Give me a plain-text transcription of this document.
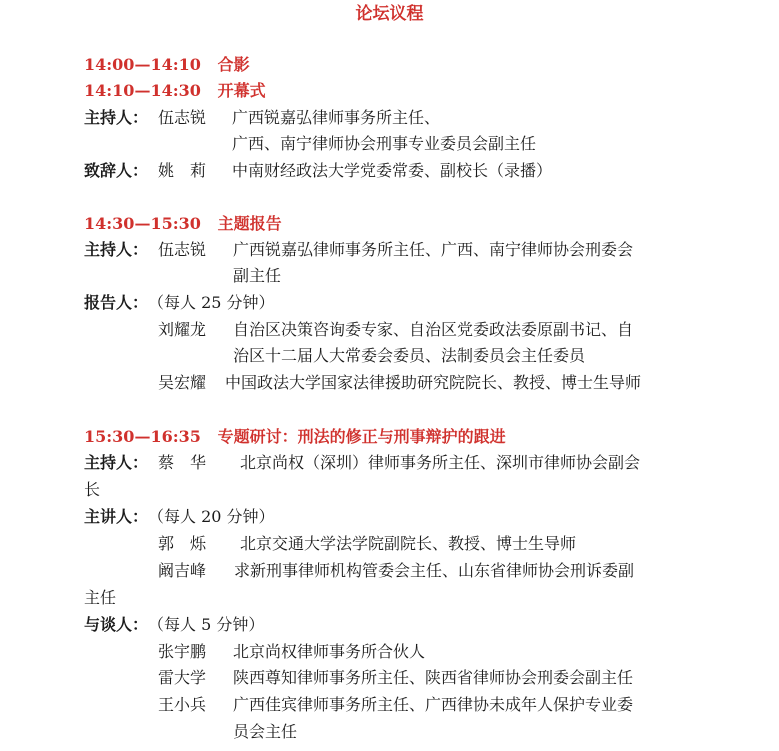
论坛议程
14:00—14:10 合影
14:10—14:30 开幕式
主持人： 伍志锐 广西锐嘉弘律师事务所主任、
广西、南宁律师协会刑事专业委员会副主任
致辞人： 姚　莉 中南财经政法大学党委常委、副校长（录播）
14:30—15:30 主题报告
主持人： 伍志锐 广西锐嘉弘律师事务所主任、广西、南宁律师协会刑委会
副主任
报告人： （每人 25 分钟）
刘耀龙 自治区决策咨询委专家、自治区党委政法委原副书记、自
治区十二届人大常委会委员、法制委员会主任委员
吴宏耀 中国政法大学国家法律援助研究院院长、教授、博士生导师
15:30—16:35 专题研讨：刑法的修正与刑事辩护的跟进
主持人： 蔡　华 北京尚权（深圳）律师事务所主任、深圳市律师协会副会
长
主讲人： （每人 20 分钟）
郭　烁 北京交通大学法学院副院长、教授、博士生导师
阚吉峰 求新刑事律师机构管委会主任、山东省律师协会刑诉委副
主任
与谈人： （每人 5 分钟）
张宇鹏 北京尚权律师事务所合伙人
雷大学 陕西尊知律师事务所主任、陕西省律师协会刑委会副主任
王小兵 广西佳宾律师事务所主任、广西律协未成年人保护专业委
员会主任
